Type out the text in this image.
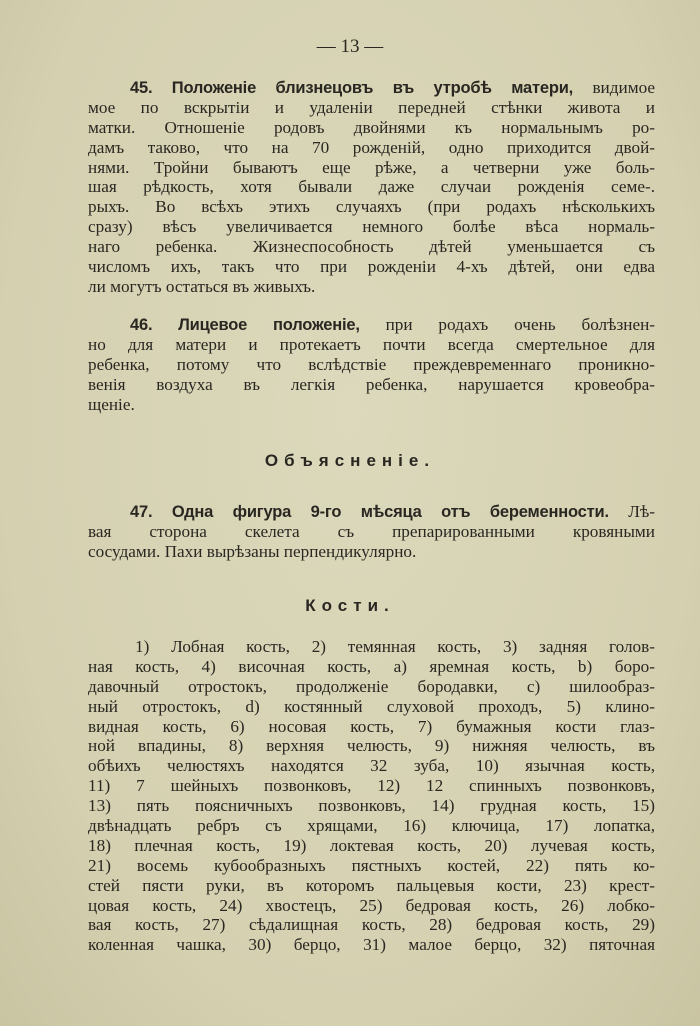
— 13 —
45. Положенiе близнецовъ въ утробѣ матери, видимое
мое по вскрытiи и удаленiи передней стѣнки живота и
матки. Отношенiе родовъ двойнями къ нормальнымъ ро-
дамъ таково, что на 70 рожденiй, одно приходится двой-
нями. Тройни бываютъ еще рѣже, а четверни уже боль-
шая рѣдкость, хотя бывали даже случаи рожденiя семе-.
рыхъ. Во всѣхъ этихъ случаяхъ (при родахъ нѣсколькихъ
сразу) вѣсъ увеличивается немного болѣе вѣса нормаль-
наго ребенка. Жизнеспособность дѣтей уменьшается съ
числомъ ихъ, такъ что при рожденiи 4-хъ дѣтей, они едва
ли могутъ остаться въ живыхъ.
46. Лицевое положенiе, при родахъ очень болѣзнен-
но для матери и протекаетъ почти всегда смертельное для
ребенка, потому что вслѣдствiе преждевременнаго проникно-
венiя воздуха въ легкiя ребенка, нарушается кровеобра-
щенiе.
Объясненiе.
47. Одна фигура 9-го мѣсяца отъ беременности. Лѣ-
вая сторона скелета съ препарированными кровяными
сосудами. Пахи вырѣзаны перпендикулярно.
Кости.
1) Лобная кость, 2) темянная кость, 3) задняя голов-
ная кость, 4) височная кость, а) яремная кость, b) боро-
давочный отростокъ, продолженiе бородавки, с) шилообраз-
ный отростокъ, d) костянный слуховой проходъ, 5) клино-
видная кость, 6) носовая кость, 7) бумажныя кости глаз-
ной впадины, 8) верхняя челюсть, 9) нижняя челюсть, въ
обѣихъ челюстяхъ находятся 32 зуба, 10) язычная кость,
11) 7 шейныхъ позвонковъ, 12) 12 спинныхъ позвонковъ,
13) пять поясничныхъ позвонковъ, 14) грудная кость, 15)
двѣнадцать ребръ съ хрящами, 16) ключица, 17) лопатка,
18) плечная кость, 19) локтевая кость, 20) лучевая кость,
21) восемь кубообразныхъ пястныхъ костей, 22) пять ко-
стей пясти руки, въ которомъ пальцевыя кости, 23) крест-
цовая кость, 24) хвостецъ, 25) бедровая кость, 26) лобко-
вая кость, 27) сѣдалищная кость, 28) бедровая кость, 29)
коленная чашка, 30) берцо, 31) малое берцо, 32) пяточная
